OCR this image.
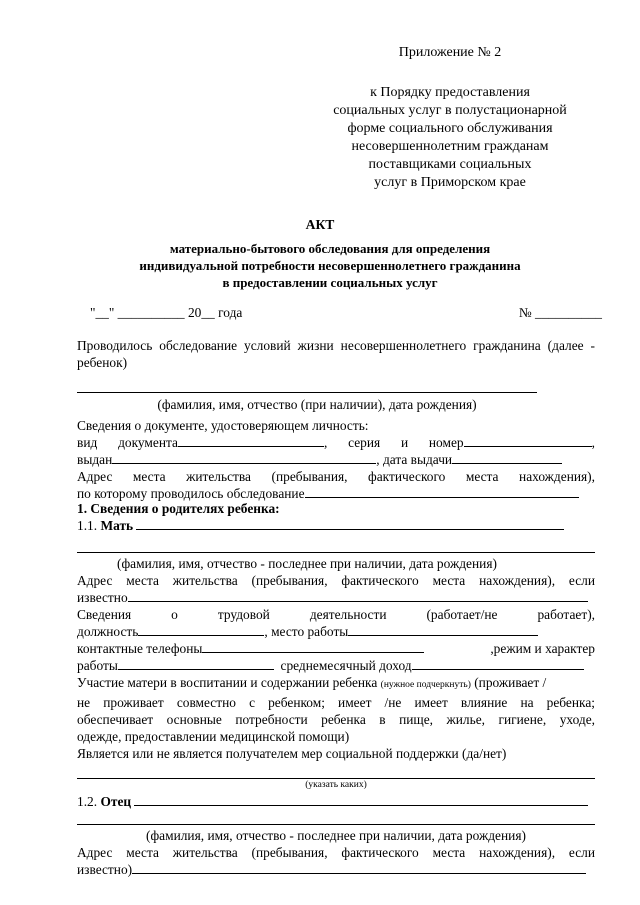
Приложение № 2
к Порядку предоставления
социальных услуг в полустационарной
форме социального обслуживания
несовершеннолетним гражданам
поставщиками социальных
услуг в Приморском крае
АКТ
материально-бытового обследования для определения
индивидуальной потребности несовершеннолетнего гражданина
в предоставлении социальных услуг
"__" __________ 20__ года	№ __________
Проводилось обследование условий жизни несовершеннолетнего гражданина (далее -
ребенок)
(фамилия, имя, отчество (при наличии), дата рождения)
Сведения о документе, удостоверяющем личность:
вид документа	, серия и номер	,
выдан	, дата выдачи
Адрес места жительства (пребывания, фактического места нахождения),
по которому проводилось обследование
1. Сведения о родителях ребенка:
1.1. Мать
(фамилия, имя, отчество - последнее при наличии, дата рождения)
Адрес места жительства (пребывания, фактического места нахождения), если
известно
Сведения о трудовой деятельности (работает/не работает),
должность	, место работы
контактные телефоны	,режим и характер
работы	среднемесячный доход
Участие матери в воспитании и содержании ребенка (нужное подчеркнуть) (проживает /
не проживает совместно с ребенком; имеет /не имеет влияние на ребенка;
обеспечивает основные потребности ребенка в пище, жилье, гигиене, уходе,
одежде, предоставлении медицинской помощи)
Является или не является получателем мер социальной поддержки (да/нет)
(указать каких)
1.2. Отец
(фамилия, имя, отчество - последнее при наличии, дата рождения)
Адрес места жительства (пребывания, фактического места нахождения), если
известно)
